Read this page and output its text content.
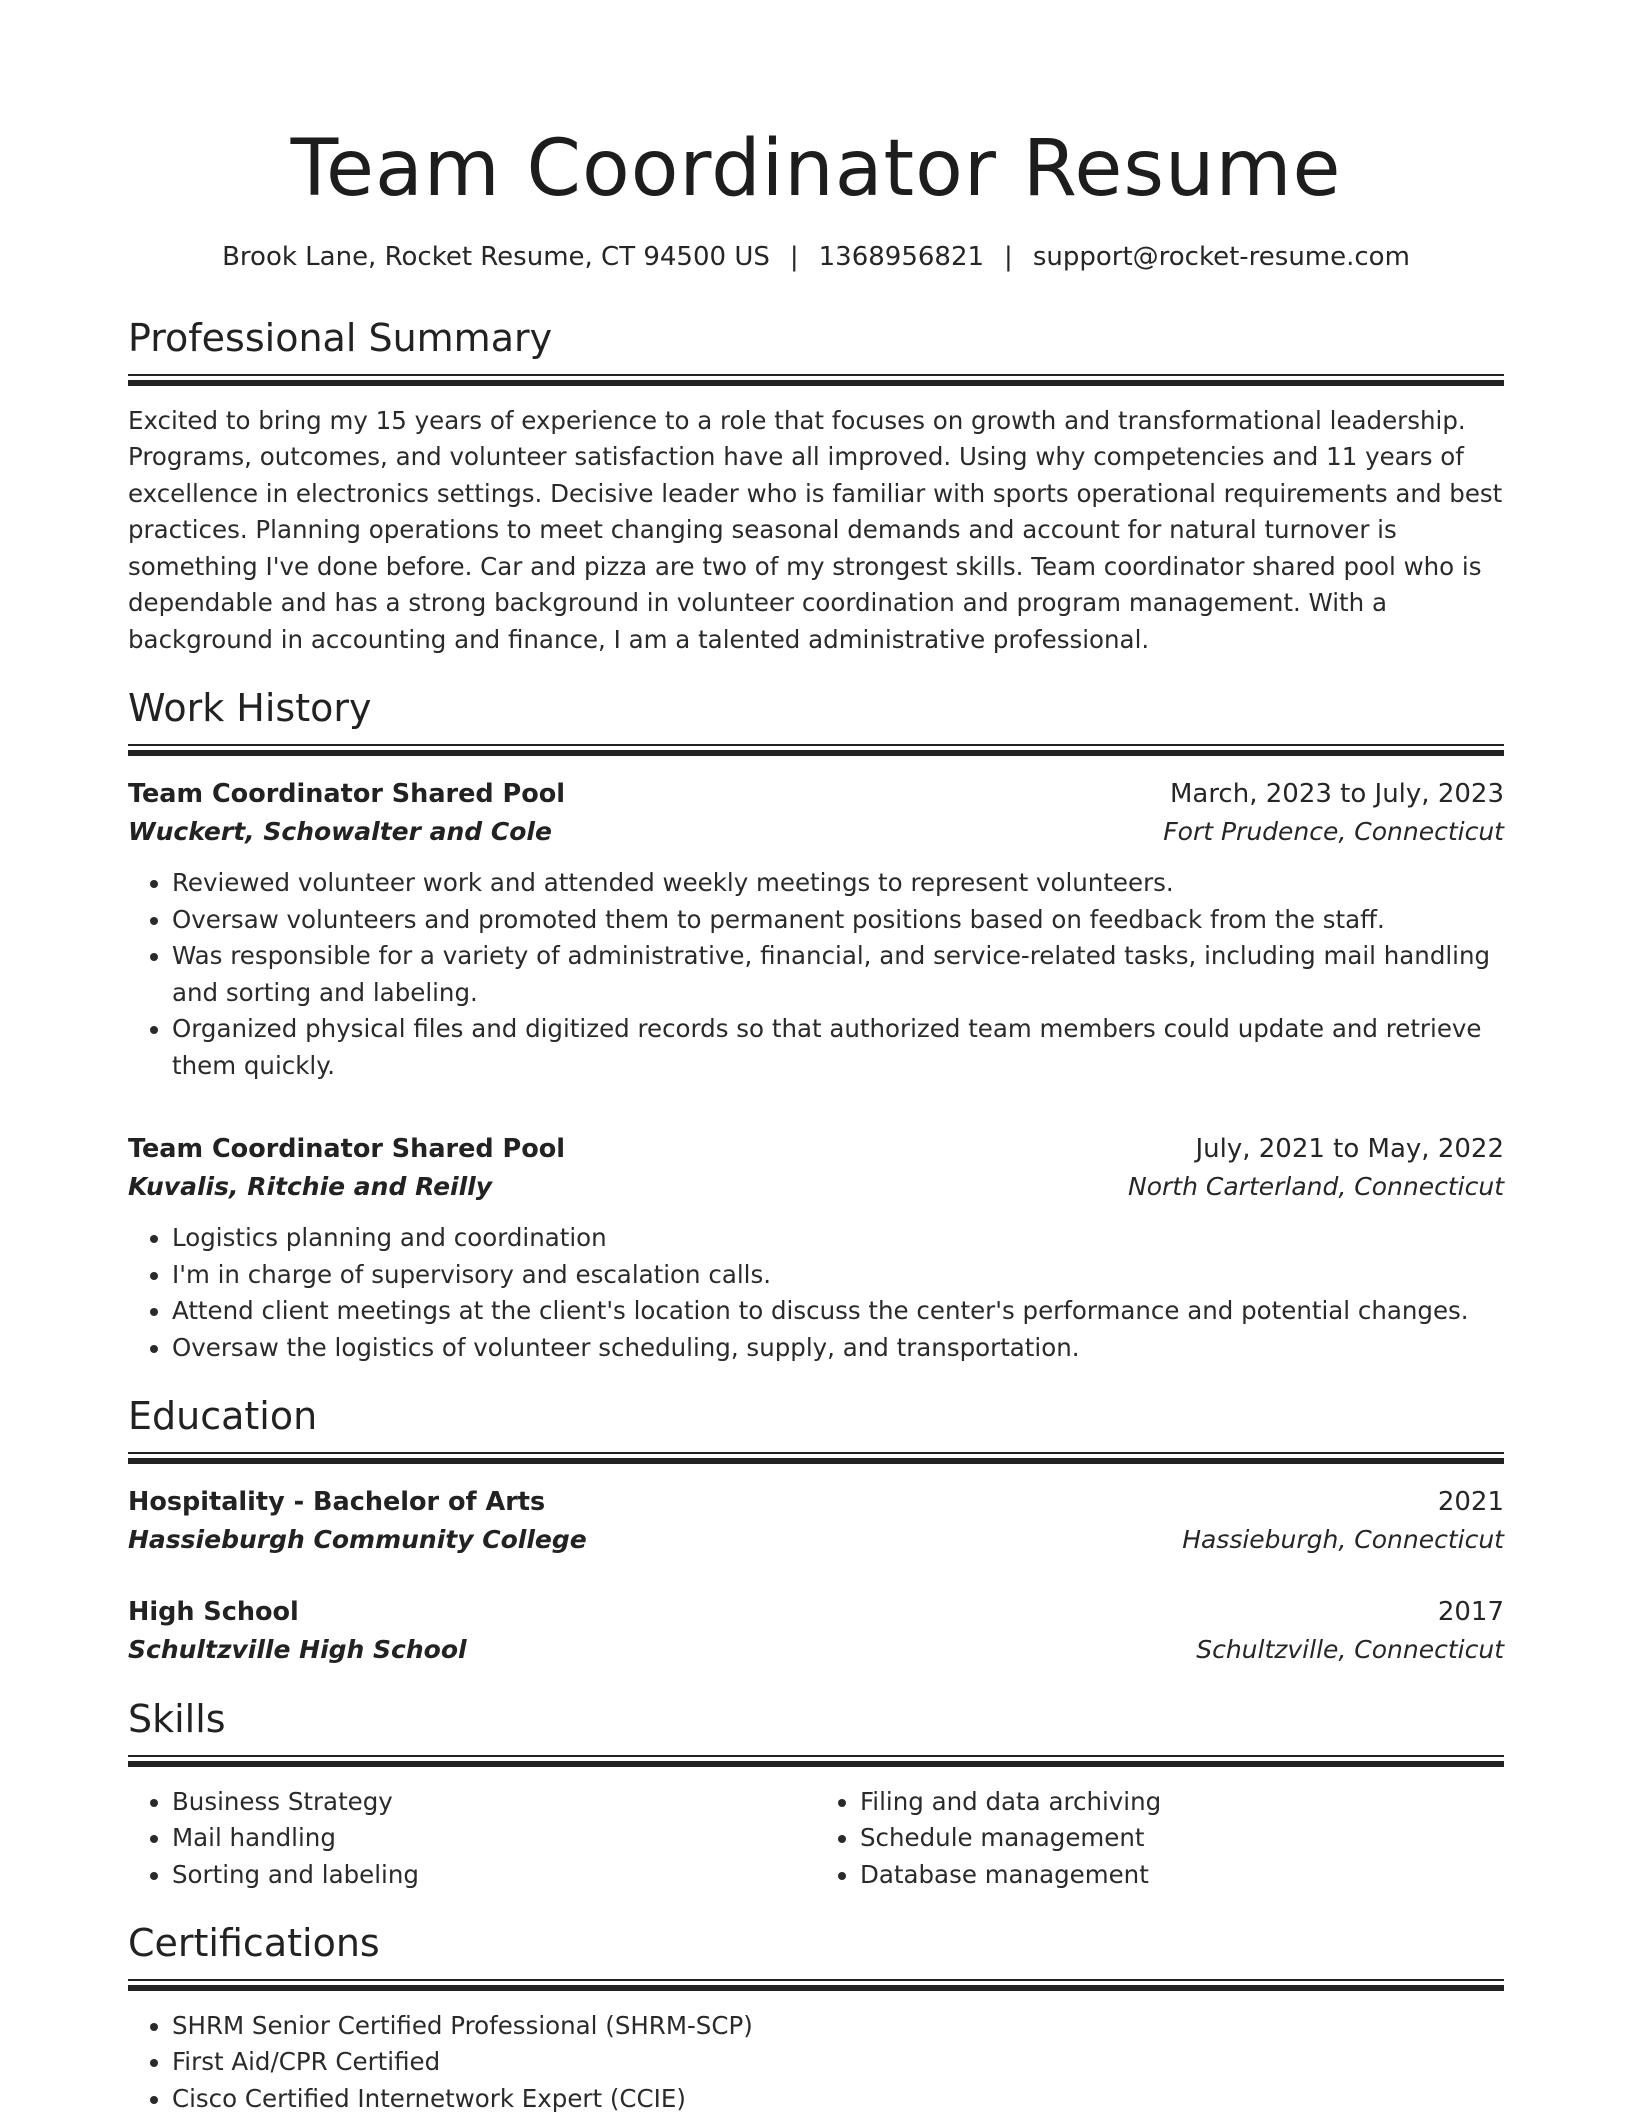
Team Coordinator Resume
Brook Lane, Rocket Resume, CT 94500 US | 1368956821 | support@rocket-resume.com
Professional Summary
Excited to bring my 15 years of experience to a role that focuses on growth and transformational leadership. Programs, outcomes, and volunteer satisfaction have all improved. Using why competencies and 11 years of excellence in electronics settings. Decisive leader who is familiar with sports operational requirements and best practices. Planning operations to meet changing seasonal demands and account for natural turnover is something I've done before. Car and pizza are two of my strongest skills. Team coordinator shared pool who is dependable and has a strong background in volunteer coordination and program management. With a background in accounting and finance, I am a talented administrative professional.
Work History
Team Coordinator Shared Pool	March, 2023 to July, 2023
Wuckert, Schowalter and Cole	Fort Prudence, Connecticut
• Reviewed volunteer work and attended weekly meetings to represent volunteers.
• Oversaw volunteers and promoted them to permanent positions based on feedback from the staff.
• Was responsible for a variety of administrative, financial, and service-related tasks, including mail handling and sorting and labeling.
• Organized physical files and digitized records so that authorized team members could update and retrieve them quickly.
Team Coordinator Shared Pool	July, 2021 to May, 2022
Kuvalis, Ritchie and Reilly	North Carterland, Connecticut
• Logistics planning and coordination
• I'm in charge of supervisory and escalation calls.
• Attend client meetings at the client's location to discuss the center's performance and potential changes.
• Oversaw the logistics of volunteer scheduling, supply, and transportation.
Education
Hospitality - Bachelor of Arts	2021
Hassieburgh Community College	Hassieburgh, Connecticut
High School	2017
Schultzville High School	Schultzville, Connecticut
Skills
• Business Strategy
• Mail handling
• Sorting and labeling
• Filing and data archiving
• Schedule management
• Database management
Certifications
• SHRM Senior Certified Professional (SHRM-SCP)
• First Aid/CPR Certified
• Cisco Certified Internetwork Expert (CCIE)
